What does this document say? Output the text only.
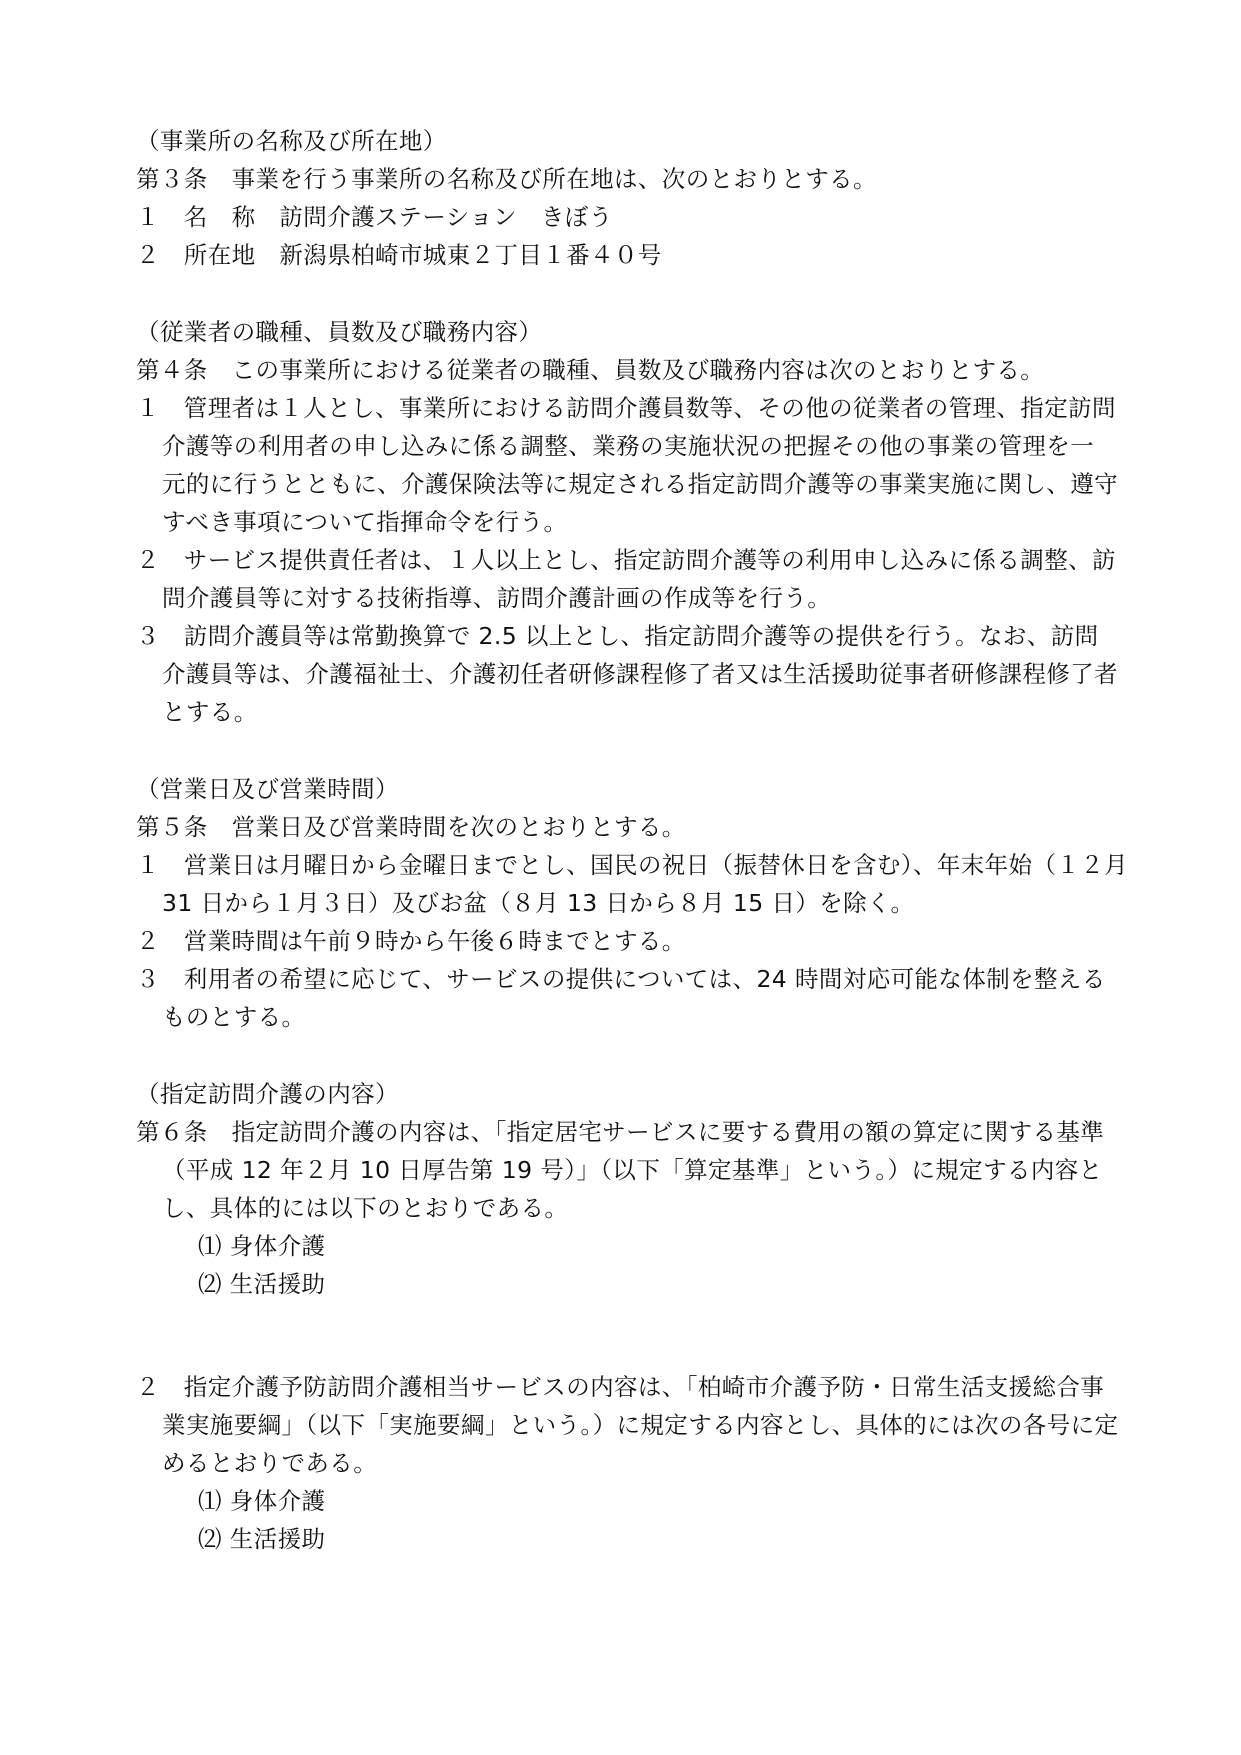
（事業所の名称及び所在地）
第３条　事業を行う事業所の名称及び所在地は、次のとおりとする。
１　名　称　訪問介護ステーション　きぼう
２　所在地　新潟県柏崎市城東２丁目１番４０号
（従業者の職種、員数及び職務内容）
第４条　この事業所における従業者の職種、員数及び職務内容は次のとおりとする。
１　管理者は１人とし、事業所における訪問介護員数等、その他の従業者の管理、指定訪問
介護等の利用者の申し込みに係る調整、業務の実施状況の把握その他の事業の管理を一
元的に行うとともに、介護保険法等に規定される指定訪問介護等の事業実施に関し、遵守
すべき事項について指揮命令を行う。
２　サービス提供責任者は、１人以上とし、指定訪問介護等の利用申し込みに係る調整、訪
問介護員等に対する技術指導、訪問介護計画の作成等を行う。
３　訪問介護員等は常勤換算で 2.5 以上とし、指定訪問介護等の提供を行う。なお、訪問
介護員等は、介護福祉士、介護初任者研修課程修了者又は生活援助従事者研修課程修了者
とする。
（営業日及び営業時間）
第５条　営業日及び営業時間を次のとおりとする。
１　営業日は月曜日から金曜日までとし、国民の祝日（振替休日を含む）、年末年始（１２月
31 日から１月３日）及びお盆（８月 13 日から８月 15 日）を除く。
２　営業時間は午前９時から午後６時までとする。
３　利用者の希望に応じて、サービスの提供については、24 時間対応可能な体制を整える
ものとする。
（指定訪問介護の内容）
第６条　指定訪問介護の内容は、「指定居宅サービスに要する費用の額の算定に関する基準
（平成 12 年２月 10 日厚告第 19 号）」（以下「算定基準」という。）に規定する内容と
し、具体的には以下のとおりである。
⑴ 身体介護
⑵ 生活援助
２　指定介護予防訪問介護相当サービスの内容は、「柏崎市介護予防・日常生活支援総合事
業実施要綱」（以下「実施要綱」という。）に規定する内容とし、具体的には次の各号に定
めるとおりである。
⑴ 身体介護
⑵ 生活援助
